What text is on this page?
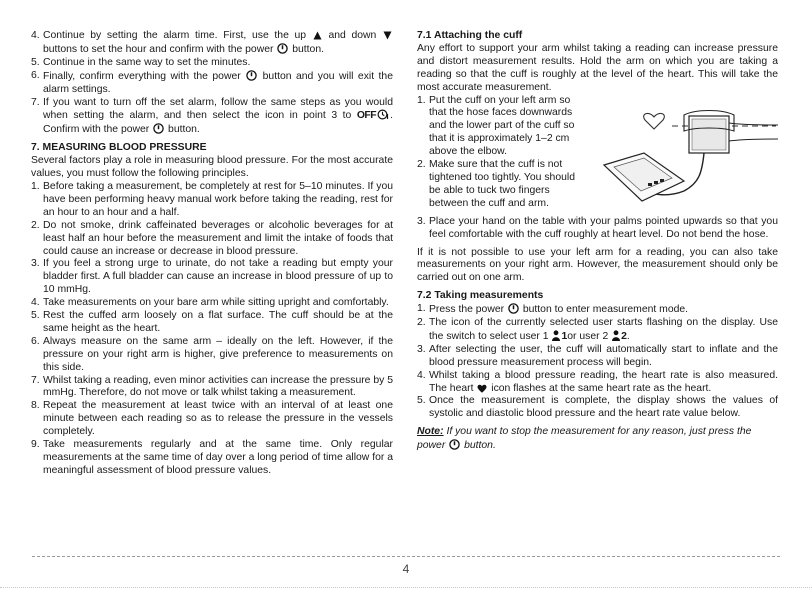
4. Continue by setting the alarm time. First, use the up
and down
buttons to set the hour and confirm with the power
button.
5. Continue in the same way to set the minutes.
6. Finally, confirm everything with the power
button and you will exit the alarm settings.
7. If you want to turn off the set alarm, follow the same steps as you would when setting the alarm, and then select the icon in point 3 to OFF . Confirm with the power
button.

7. MEASURING BLOOD PRESSURE

Several factors play a role in measuring blood pressure. For the most accurate values, you must follow the following principles.

1. Before taking a measurement, be completely at rest for 5–10 minutes. If you have been performing heavy manual work before taking the reading, rest for an hour to an hour and a half.
2. Do not smoke, drink caffeinated beverages or alcoholic beverages for at least half an hour before the measurement and limit the intake of foods that could cause an increase or decrease in blood pressure.
3. If you feel a strong urge to urinate, do not take a reading but empty your bladder first. A full bladder can cause an increase in blood pressure of up to 10 mmHg.
4. Take measurements on your bare arm while sitting upright and comfortably.
5. Rest the cuffed arm loosely on a flat surface. The cuff should be at the same height as the heart.
6. Always measure on the same arm – ideally on the left. However, if the pressure on your right arm is higher, give preference to measurements on this side.
7. Whilst taking a reading, even minor activities can increase the pressure by 5 mmHg. Therefore, do not move or talk whilst taking a measurement.
8. Repeat the measurement at least twice with an interval of at least one minute between each reading so as to release the pressure in the vessels completely.
9. Take measurements regularly and at the same time. Only regular measurements at the same time of day over a long period of time allow for a meaningful assessment of blood pressure values.

7.1 Attaching the cuff

Any effort to support your arm whilst taking a reading can increase pressure and distort measurement results. Hold the arm on which you are taking a reading so that the cuff is roughly at the level of the heart. This will take the most accurate measurement.

1. Put the cuff on your left arm so that the hose faces downwards and the lower part of the cuff so that it is approximately 1–2 cm above the elbow.
2. Make sure that the cuff is not tightened too tightly. You should be able to tuck two fingers between the cuff and arm.
3. Place your hand on the table with your palms pointed upwards so that you feel comfortable with the cuff roughly at heart level. Do not bend the hose.

If it is not possible to use your left arm for a reading, you can also take measurements on your right arm. However, the measurement should only be carried out on one arm.

7.2 Taking measurements

1. Press the power
button to enter measurement mode.
2. The icon of the currently selected user starts flashing on the display. Use the switch to select user 1
1or user 2
2.
3. After selecting the user, the cuff will automatically start to inflate and the blood pressure measurement process will begin.
4. Whilst taking a blood pressure reading, the heart rate is also measured. The heart
icon flashes at the same heart rate as the heart.
5. Once the measurement is complete, the display shows the values of systolic and diastolic blood pressure and the heart rate value below.

Note: If you want to stop the measurement for any reason, just press the power
button.

4
